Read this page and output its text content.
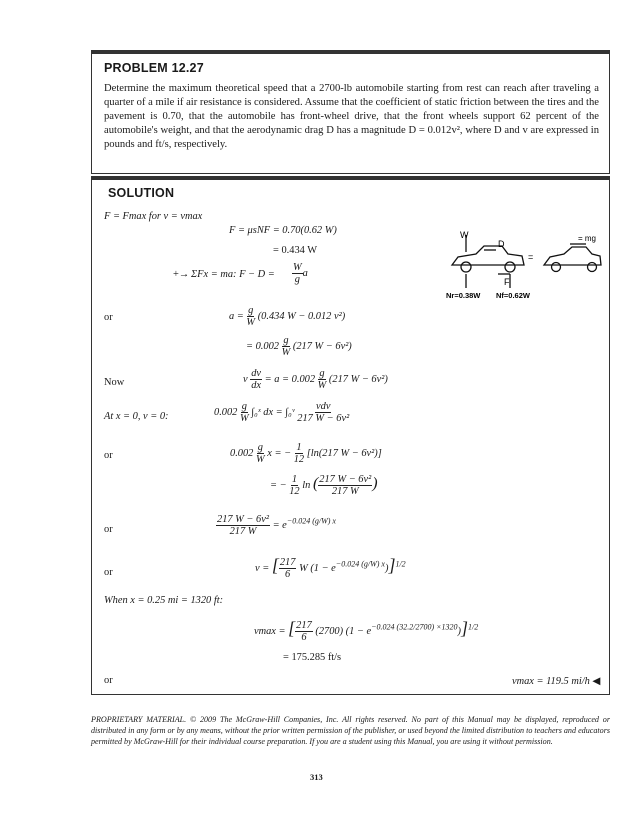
PROBLEM 12.27
Determine the maximum theoretical speed that a 2700-lb automobile starting from rest can reach after traveling a quarter of a mile if air resistance is considered. Assume that the coefficient of static friction between the tires and the pavement is 0.70, that the automobile has front-wheel drive, that the front wheels support 62 percent of the automobile's weight, and that the aerodynamic drag D has a magnitude D = 0.012v², where D and v are expressed in pounds and ft/s, respectively.
SOLUTION
F = Fmax for v = vmax
F = μsNF = 0.70(0.62 W)
= 0.434 W
+→ ΣFx = ma: $F - D = \frac{W}{g}$ a
W
D
F
=
= mg
Nr=0.38W Nf=0.62W
or	$a = \frac{g}{W} (0.434$ W − 0.012 v²)
= $0.002 \frac{g}{W} (217$ W − 6v²)
Now	v $\frac{dv}{dx} = a = 0.002 \frac{g}{W} (217$ W − 6v²)
At x = 0, v = 0:	$0.002 \frac{g}{W}$ ∫₀ˣ dx = ∫₀ᵛ $\frac{\text{vdv}}{\text{217 W − 6v²}}$
or	$0.002 \frac{g}{W}$ x = − $\frac{1}{12} [\ln(217$ W − 6v²)]
= − $\frac{1}{12}$ ln ( $\frac{\text{217 W − 6v²}}{217 W}$ )
or	$\frac{\text{217 W − 6v²}}{217 W} = e^{-0.024 (g/W) x}$
or	v = [ $\frac{217}{6}$ W $(1 - e^{-0.024 (g/W) x})]^{1/2}$
When x = 0.25 mi = 1320 ft:
vmax = [ $\frac{217}{6} (2700) (1 - e^{-0.024 (32.2/2700) \times 1320})]^{1/2}$
= 175.285 ft/s
or	vmax = 119.5 mi/h ◀
PROPRIETARY MATERIAL. © 2009 The McGraw-Hill Companies, Inc. All rights reserved. No part of this Manual may be displayed, reproduced or distributed in any form or by any means, without the prior written permission of the publisher, or used beyond the limited distribution to teachers and educators permitted by McGraw-Hill for their individual course preparation. If you are a student using this Manual, you are using it without permission.
313
